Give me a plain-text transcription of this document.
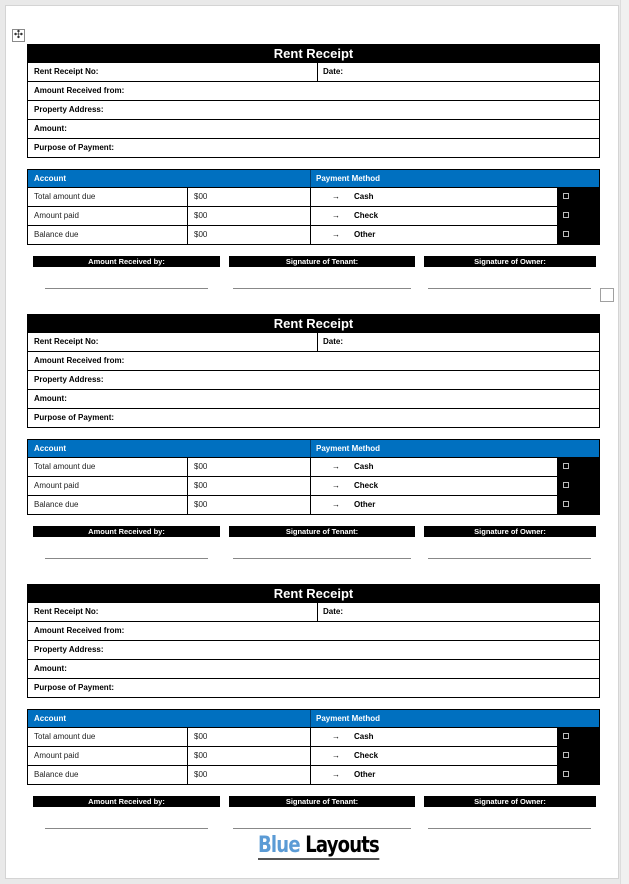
✣
Rent Receipt
Rent Receipt No:	Date:
Amount Received from:
Property Address:
Amount:
Purpose of Payment:
Account	Payment Method
Total amount due	$00	→ Cash
Amount paid	$00	→ Check
Balance due	$00	→ Other
Amount Received by:	Signature of Tenant:	Signature of Owner:
Rent Receipt
Rent Receipt No:	Date:
Amount Received from:
Property Address:
Amount:
Purpose of Payment:
Account	Payment Method
Total amount due	$00	→ Cash
Amount paid	$00	→ Check
Balance due	$00	→ Other
Amount Received by:	Signature of Tenant:	Signature of Owner:
Rent Receipt
Rent Receipt No:	Date:
Amount Received from:
Property Address:
Amount:
Purpose of Payment:
Account	Payment Method
Total amount due	$00	→ Cash
Amount paid	$00	→ Check
Balance due	$00	→ Other
Amount Received by:	Signature of Tenant:	Signature of Owner:
Blue Layouts
